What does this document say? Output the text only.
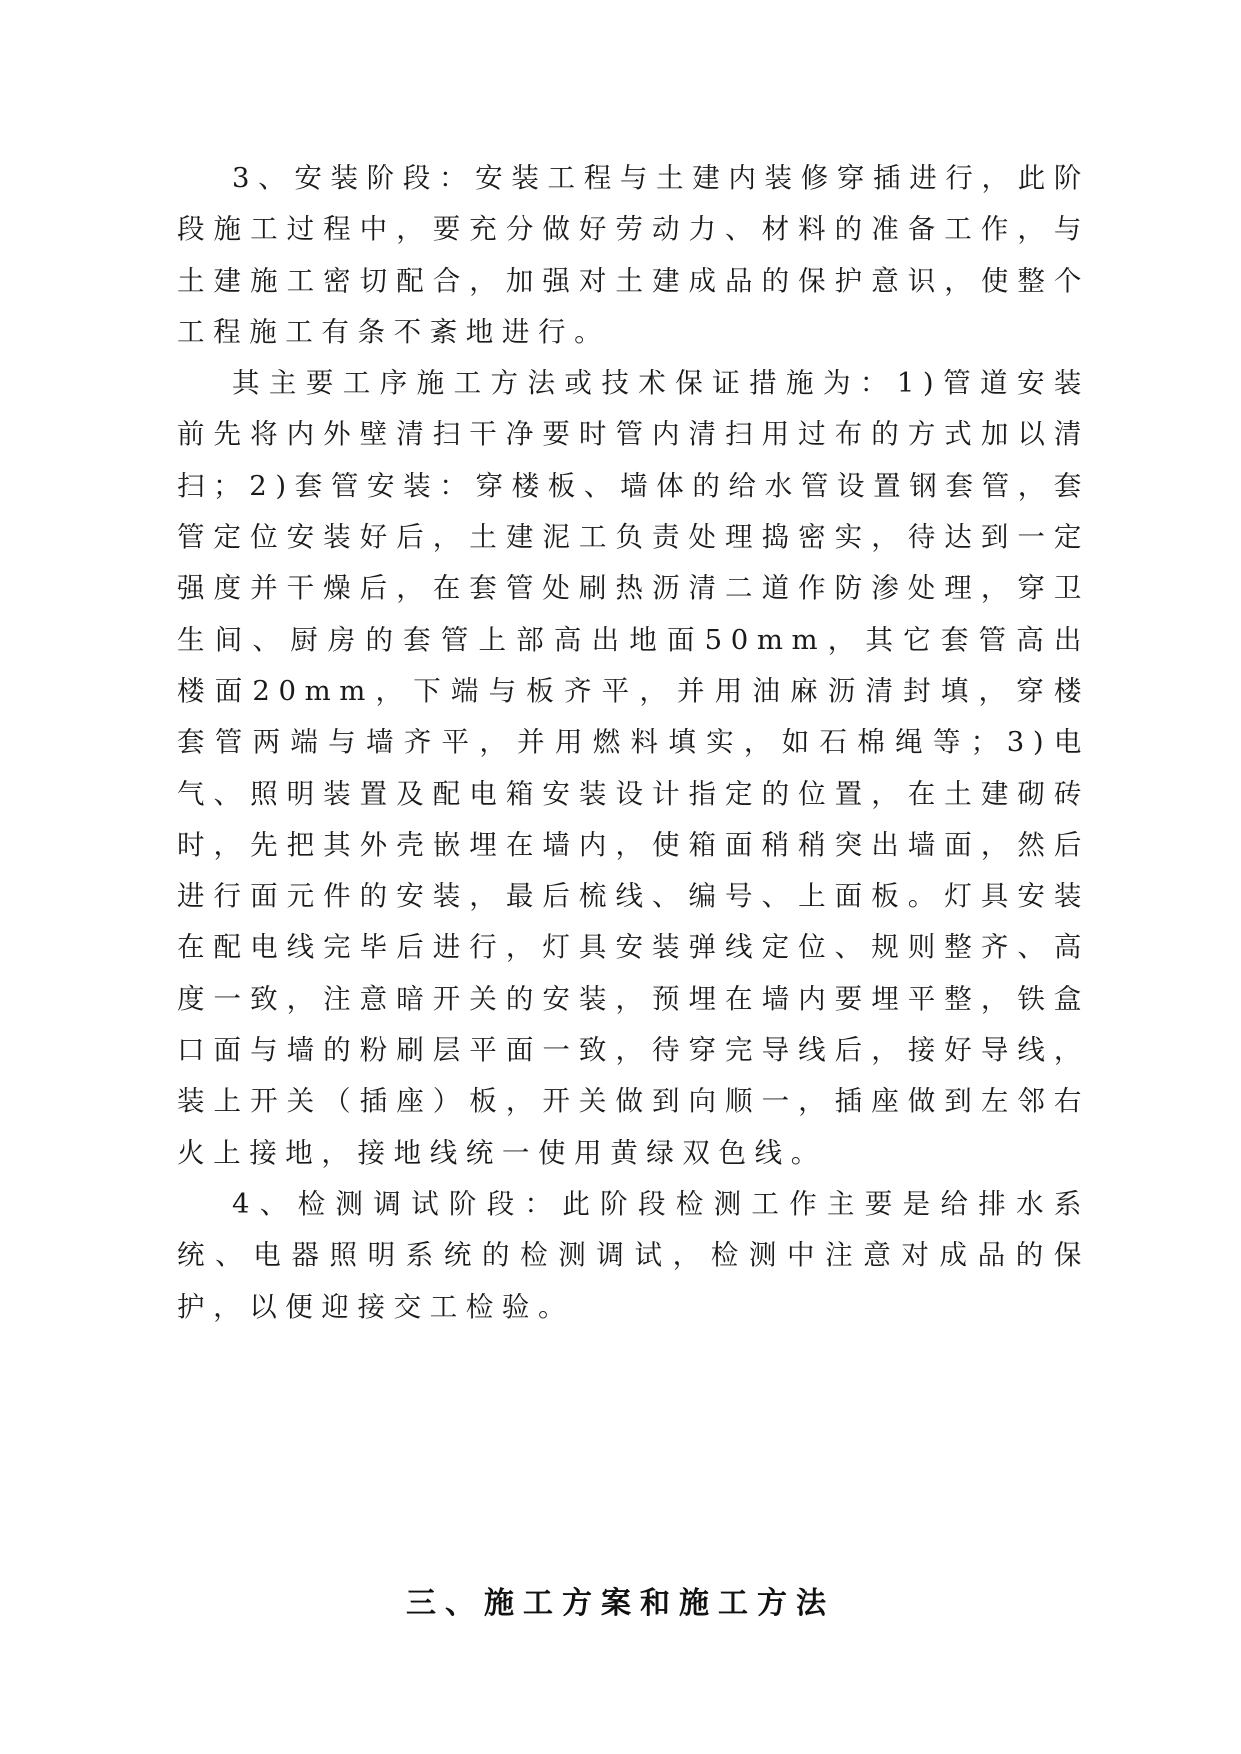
3、安装阶段：安装工程与土建内装修穿插进行，此阶段施工过程中，要充分做好劳动力、材料的准备工作，与土建施工密切配合，加强对土建成品的保护意识，使整个工程施工有条不紊地进行。

其主要工序施工方法或技术保证措施为：1)管道安装前先将内外壁清扫干净要时管内清扫用过布的方式加以清扫；2)套管安装：穿楼板、墙体的给水管设置钢套管，套管定位安装好后，土建泥工负责处理捣密实，待达到一定强度并干燥后，在套管处刷热沥清二道作防渗处理，穿卫生间、厨房的套管上部高出地面50mm，其它套管高出楼面20mm，下端与板齐平，并用油麻沥清封填，穿楼套管两端与墙齐平，并用燃料填实，如石棉绳等；3)电气、照明装置及配电箱安装设计指定的位置，在土建砌砖时，先把其外壳嵌埋在墙内，使箱面稍稍突出墙面，然后进行面元件的安装，最后梳线、编号、上面板。灯具安装在配电线完毕后进行，灯具安装弹线定位、规则整齐、高度一致，注意暗开关的安装，预埋在墙内要埋平整，铁盒口面与墙的粉刷层平面一致，待穿完导线后，接好导线，装上开关（插座）板，开关做到向顺一，插座做到左邻右火上接地，接地线统一使用黄绿双色线。

4、检测调试阶段：此阶段检测工作主要是给排水系统、电器照明系统的检测调试，检测中注意对成品的保护，以便迎接交工检验。

三、施工方案和施工方法
